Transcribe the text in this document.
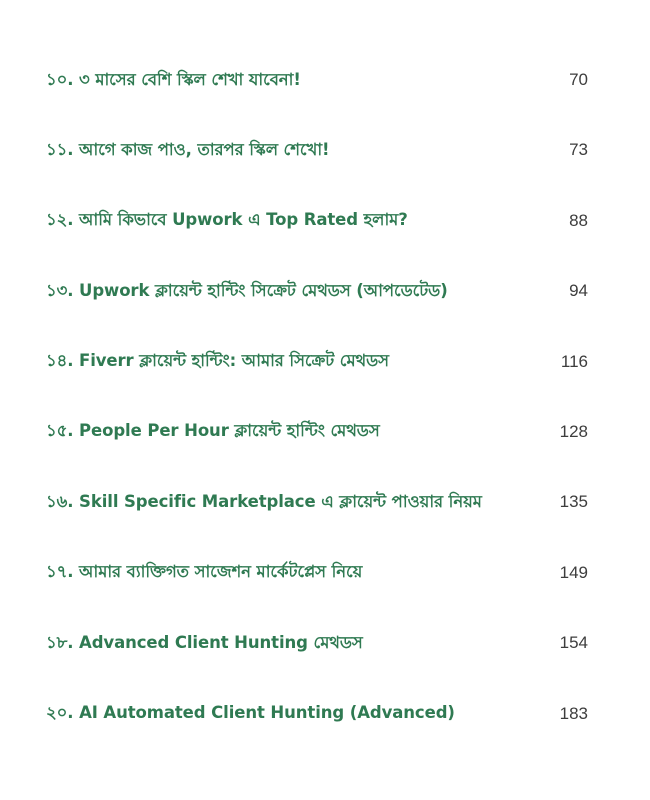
১০. ৩ মাসের বেশি স্কিল শেখা যাবেনা!	70
১১. আগে কাজ পাও, তারপর স্কিল শেখো!	73
১২. আমি কিভাবে Upwork এ Top Rated হলাম?	88
১৩. Upwork ক্লায়েন্ট হান্টিং সিক্রেট মেথডস (আপডেটেড)	94
১৪. Fiverr ক্লায়েন্ট হান্টিং: আমার সিক্রেট মেথডস	116
১৫. People Per Hour ক্লায়েন্ট হান্টিং মেথডস	128
১৬. Skill Specific Marketplace এ ক্লায়েন্ট পাওয়ার নিয়ম	135
১৭. আমার ব্যাক্তিগত সাজেশন মার্কেটপ্লেস নিয়ে	149
১৮. Advanced Client Hunting মেথডস	154
২০. AI Automated Client Hunting (Advanced)	183
